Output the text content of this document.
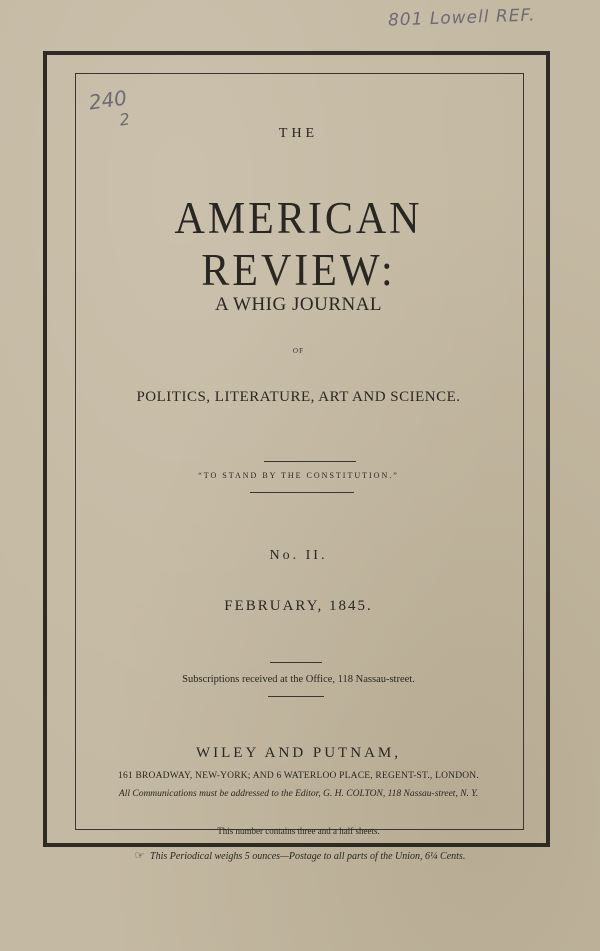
801 Lowell REF.
240
2
THE
AMERICAN REVIEW:
A WHIG JOURNAL
OF
POLITICS, LITERATURE, ART AND SCIENCE.
“TO STAND BY THE CONSTITUTION.”
No. II.
FEBRUARY, 1845.
Subscriptions received at the Office, 118 Nassau-street.
WILEY AND PUTNAM,
161 BROADWAY, NEW-YORK; AND 6 WATERLOO PLACE, REGENT-ST., LONDON.
All Communications must be addressed to the Editor, G. H. COLTON, 118 Nassau-street, N. Y.
This number contains three and a half sheets.
☞ This Periodical weighs 5 ounces—Postage to all parts of the Union, 6¼ Cents.
